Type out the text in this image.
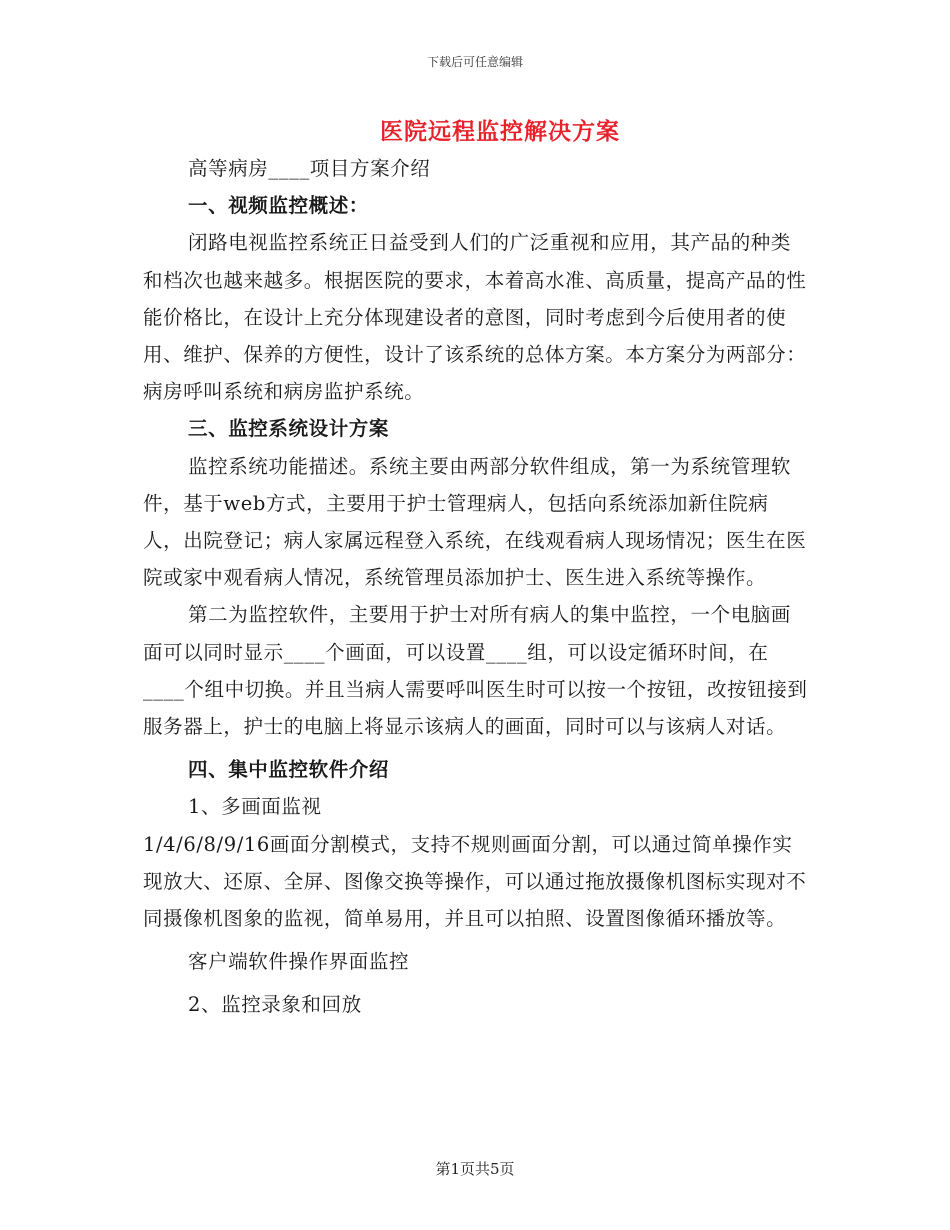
下载后可任意编辑
医院远程监控解决方案

高等病房____项目方案介绍

一、视频监控概述：

闭路电视监控系统正日益受到人们的广泛重视和应用，其产品的种类和档次也越来越多。根据医院的要求，本着高水准、高质量，提高产品的性能价格比，在设计上充分体现建设者的意图，同时考虑到今后使用者的使用、维护、保养的方便性，设计了该系统的总体方案。本方案分为两部分：病房呼叫系统和病房监护系统。

三、监控系统设计方案

监控系统功能描述。系统主要由两部分软件组成，第一为系统管理软件，基于web方式，主要用于护士管理病人，包括向系统添加新住院病人，出院登记；病人家属远程登入系统，在线观看病人现场情况；医生在医院或家中观看病人情况，系统管理员添加护士、医生进入系统等操作。

第二为监控软件，主要用于护士对所有病人的集中监控，一个电脑画面可以同时显示____个画面，可以设置____组，可以设定循环时间，在____个组中切换。并且当病人需要呼叫医生时可以按一个按钮，改按钮接到服务器上，护士的电脑上将显示该病人的画面，同时可以与该病人对话。

四、集中监控软件介绍

1、多画面监视

1/4/6/8/9/16画面分割模式，支持不规则画面分割，可以通过简单操作实现放大、还原、全屏、图像交换等操作，可以通过拖放摄像机图标实现对不同摄像机图象的监视，简单易用，并且可以拍照、设置图像循环播放等。

客户端软件操作界面监控

2、监控录象和回放

第1页共5页
